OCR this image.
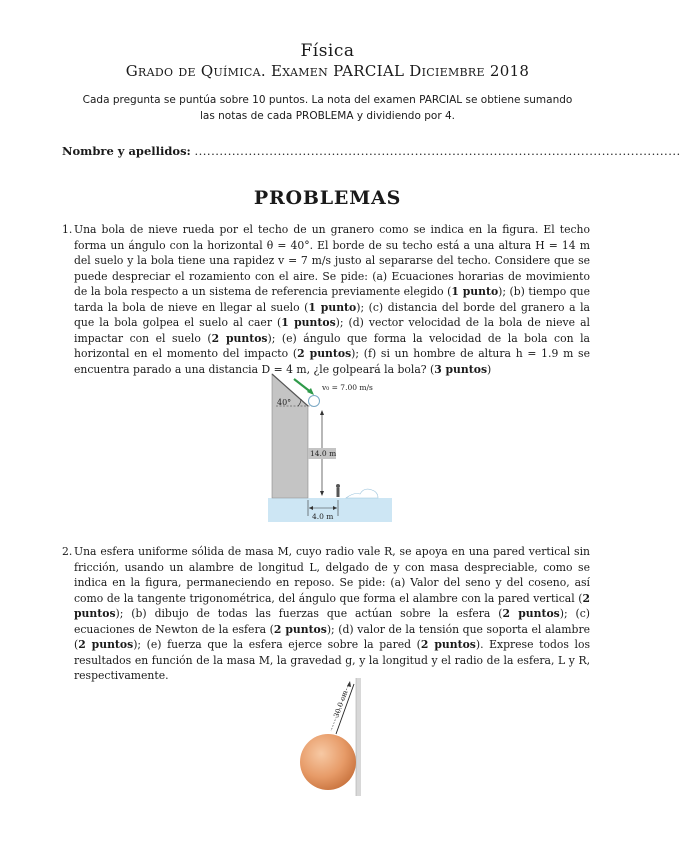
Física
Grado de Química. Examen PARCIAL Diciembre 2018
Cada pregunta se puntúa sobre 10 puntos. La nota del examen PARCIAL se obtiene sumando
las notas de cada PROBLEMA y dividiendo por 4.
Nombre y apellidos: .....................................................................................................................
PROBLEMAS
1. Una bola de nieve rueda por el techo de un granero como se indica en la figura. El techo forma un ángulo con la horizontal θ = 40°. El borde de su techo está a una altura H = 14 m del suelo y la bola tiene una rapidez v = 7 m/s justo al separarse del techo. Considere que se puede despreciar el rozamiento con el aire. Se pide: (a) Ecuaciones horarias de movimiento de la bola respecto a un sistema de referencia previamente elegido (1 punto); (b) tiempo que tarda la bola de nieve en llegar al suelo (1 punto); (c) distancia del borde del granero a la que la bola golpea el suelo al caer (1 puntos); (d) vector velocidad de la bola de nieve al impactar con el suelo (2 puntos); (e) ángulo que forma la velocidad de la bola con la horizontal en el momento del impacto (2 puntos); (f) si un hombre de altura h = 1.9 m se encuentra parado a una distancia D = 4 m, ¿le golpeará la bola? (3 puntos)
40°
v₀ = 7.00 m/s
14.0 m
4.0 m
2. Una esfera uniforme sólida de masa M, cuyo radio vale R, se apoya en una pared vertical sin fricción, usando un alambre de longitud L, delgado de y con masa despreciable, como se indica en la figura, permaneciendo en reposo. Se pide: (a) Valor del seno y del coseno, así como de la tangente trigonométrica, del ángulo que forma el alambre con la pared vertical (2 puntos); (b) dibujo de todas las fuerzas que actúan sobre la esfera (2 puntos); (c) ecuaciones de Newton de la esfera (2 puntos); (d) valor de la tensión que soporta el alambre (2 puntos); (e) fuerza que la esfera ejerce sobre la pared (2 puntos). Exprese todos los resultados en función de la masa M, la gravedad g, y la longitud y el radio de la esfera, L y R, respectivamente.
30.0 cm
